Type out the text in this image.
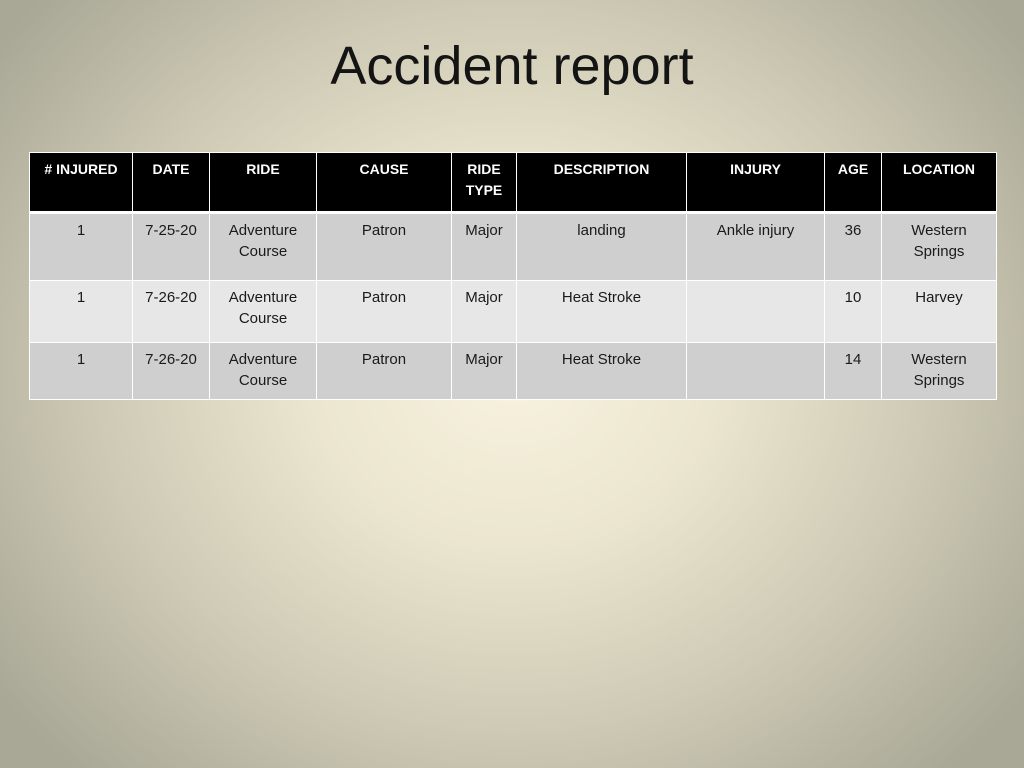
Accident report
# INJURED	DATE	RIDE	CAUSE	RIDE TYPE	DESCRIPTION	INJURY	AGE	LOCATION
1	7-25-20	Adventure Course	Patron	Major	landing	Ankle injury	36	Western Springs
1	7-26-20	Adventure Course	Patron	Major	Heat Stroke		10	Harvey
1	7-26-20	Adventure Course	Patron	Major	Heat Stroke		14	Western Springs
